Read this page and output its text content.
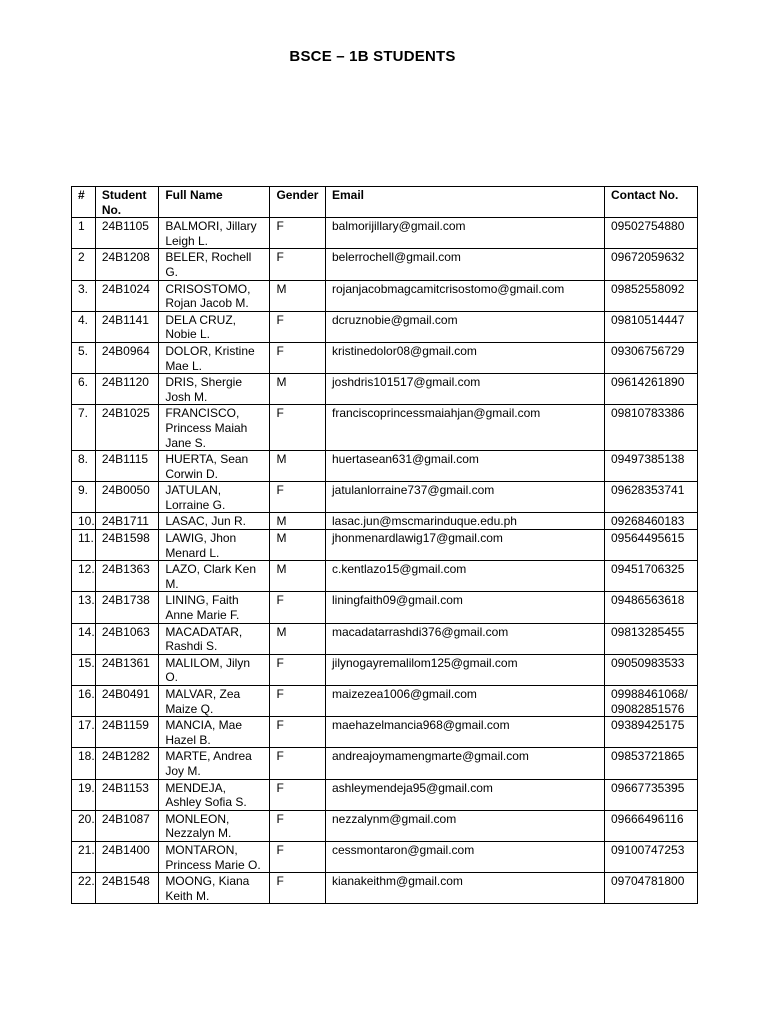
BSCE – 1B STUDENTS
#	Student No.	Full Name	Gender	Email	Contact No.
1	24B1105	BALMORI, Jillary Leigh L.	F	balmorijillary@gmail.com	09502754880
2	24B1208	BELER, Rochell G.	F	belerrochell@gmail.com	09672059632
3.	24B1024	CRISOSTOMO, Rojan Jacob M.	M	rojanjacobmagcamitcrisostomo@gmail.com	09852558092
4.	24B1141	DELA CRUZ, Nobie L.	F	dcruznobie@gmail.com	09810514447
5.	24B0964	DOLOR, Kristine Mae L.	F	kristinedolor08@gmail.com	09306756729
6.	24B1120	DRIS, Shergie Josh M.	M	joshdris101517@gmail.com	09614261890
7.	24B1025	FRANCISCO, Princess Maiah Jane S.	F	franciscoprincessmaiahjan@gmail.com	09810783386
8.	24B1115	HUERTA, Sean Corwin D.	M	huertasean631@gmail.com	09497385138
9.	24B0050	JATULAN, Lorraine G.	F	jatulanlorraine737@gmail.com	09628353741
10.	24B1711	LASAC, Jun R.	M	lasac.jun@mscmarinduque.edu.ph	09268460183
11.	24B1598	LAWIG, Jhon Menard L.	M	jhonmenardlawig17@gmail.com	09564495615
12.	24B1363	LAZO, Clark Ken M.	M	c.kentlazo15@gmail.com	09451706325
13.	24B1738	LINING, Faith Anne Marie F.	F	liningfaith09@gmail.com	09486563618
14.	24B1063	MACADATAR, Rashdi S.	M	macadatarrashdi376@gmail.com	09813285455
15.	24B1361	MALILOM, Jilyn O.	F	jilynogayremalilom125@gmail.com	09050983533
16.	24B0491	MALVAR, Zea Maize Q.	F	maizezea1006@gmail.com	09988461068/ 09082851576
17.	24B1159	MANCIA, Mae Hazel B.	F	maehazelmancia968@gmail.com	09389425175
18.	24B1282	MARTE, Andrea Joy M.	F	andreajoymamengmarte@gmail.com	09853721865
19.	24B1153	MENDEJA, Ashley Sofia S.	F	ashleymendeja95@gmail.com	09667735395
20.	24B1087	MONLEON, Nezzalyn M.	F	nezzalynm@gmail.com	09666496116
21.	24B1400	MONTARON, Princess Marie O.	F	cessmontaron@gmail.com	09100747253
22.	24B1548	MOONG, Kiana Keith M.	F	kianakeithm@gmail.com	09704781800
